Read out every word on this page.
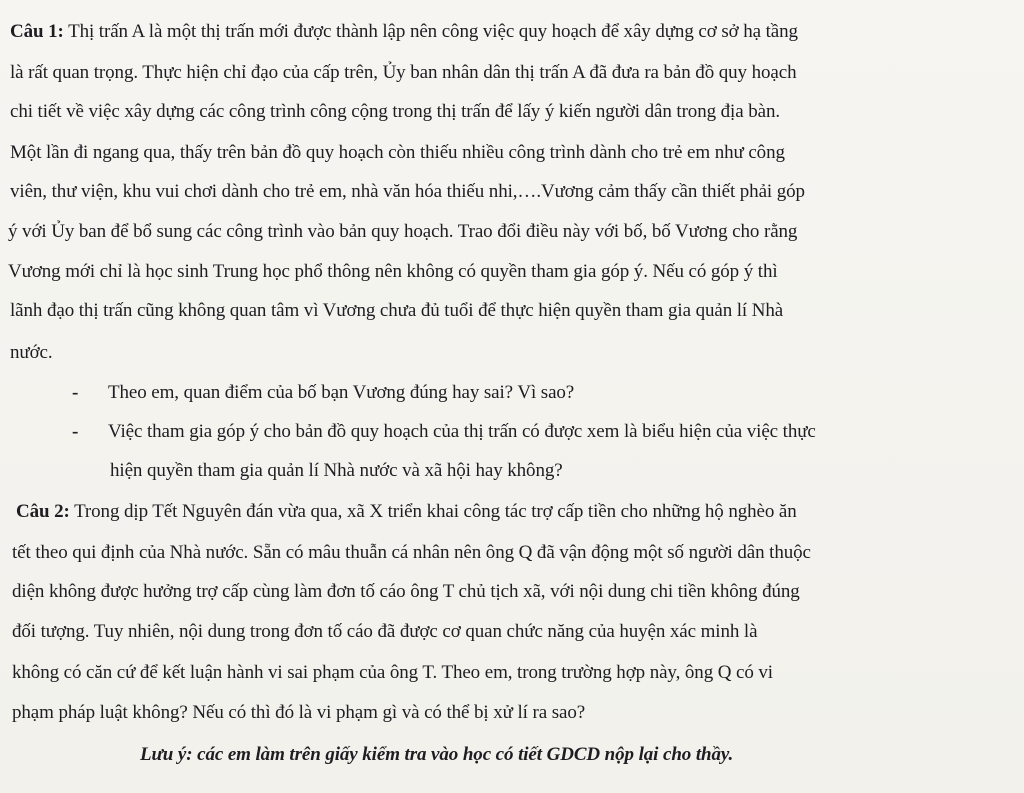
Câu 1: Thị trấn A là một thị trấn mới được thành lập nên công việc quy hoạch để xây dựng cơ sở hạ tầng
là rất quan trọng. Thực hiện chỉ đạo của cấp trên, Ủy ban nhân dân thị trấn A đã đưa ra bản đồ quy hoạch
chi tiết về việc xây dựng các công trình công cộng trong thị trấn để lấy ý kiến người dân trong địa bàn.
Một lần đi ngang qua, thấy trên bản đồ quy hoạch còn thiếu nhiều công trình dành cho trẻ em như công
viên, thư viện, khu vui chơi dành cho trẻ em, nhà văn hóa thiếu nhi,….Vương cảm thấy cần thiết phải góp
ý với Ủy ban để bổ sung các công trình vào bản quy hoạch. Trao đổi điều này với bố, bố Vương cho rằng
Vương mới chỉ là học sinh Trung học phổ thông nên không có quyền tham gia góp ý. Nếu có góp ý thì
lãnh đạo thị trấn cũng không quan tâm vì Vương chưa đủ tuổi để thực hiện quyền tham gia quản lí Nhà
nước.
- Theo em, quan điểm của bố bạn Vương đúng hay sai? Vì sao?
- Việc tham gia góp ý cho bản đồ quy hoạch của thị trấn có được xem là biểu hiện của việc thực
hiện quyền tham gia quản lí Nhà nước và xã hội hay không?
Câu 2: Trong dịp Tết Nguyên đán vừa qua, xã X triển khai công tác trợ cấp tiền cho những hộ nghèo ăn
tết theo qui định của Nhà nước. Sẵn có mâu thuẫn cá nhân nên ông Q đã vận động một số người dân thuộc
diện không được hưởng trợ cấp cùng làm đơn tố cáo ông T chủ tịch xã, với nội dung chi tiền không đúng
đối tượng. Tuy nhiên, nội dung trong đơn tố cáo đã được cơ quan chức năng của huyện xác minh là
không có căn cứ để kết luận hành vi sai phạm của ông T. Theo em, trong trường hợp này, ông Q có vi
phạm pháp luật không? Nếu có thì đó là vi phạm gì và có thể bị xử lí ra sao?
Lưu ý: các em làm trên giấy kiểm tra vào học có tiết GDCD nộp lại cho thầy.
